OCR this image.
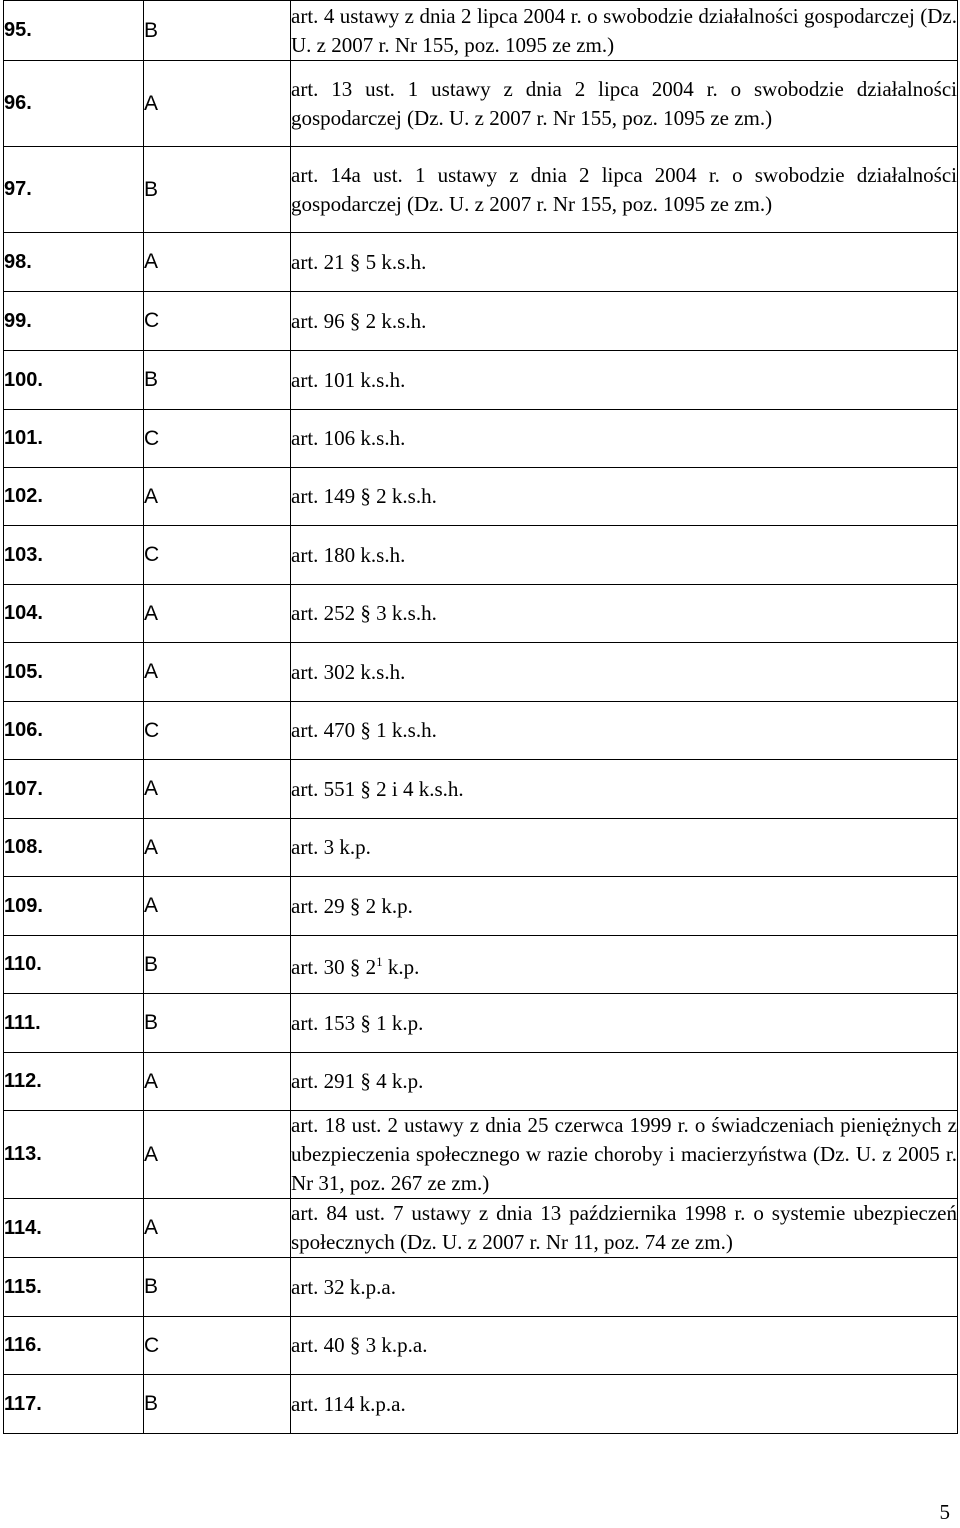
95.	B	art. 4 ustawy z dnia 2 lipca 2004 r. o swobodzie działalności gospodarczej (Dz. U. z 2007 r. Nr 155, poz. 1095 ze zm.)
96.	A	art. 13 ust. 1 ustawy z dnia 2 lipca 2004 r. o swobodzie działalności gospodarczej (Dz. U. z 2007 r. Nr 155, poz. 1095 ze zm.)
97.	B	art. 14a ust. 1 ustawy z dnia 2 lipca 2004 r. o swobodzie działalności gospodarczej (Dz. U. z 2007 r. Nr 155, poz. 1095 ze zm.)
98.	A	art. 21 § 5 k.s.h.
99.	C	art. 96 § 2 k.s.h.
100.	B	art. 101 k.s.h.
101.	C	art. 106 k.s.h.
102.	A	art. 149 § 2 k.s.h.
103.	C	art. 180 k.s.h.
104.	A	art. 252 § 3 k.s.h.
105.	A	art. 302 k.s.h.
106.	C	art. 470 § 1 k.s.h.
107.	A	art. 551 § 2 i 4 k.s.h.
108.	A	art. 3 k.p.
109.	A	art. 29 § 2 k.p.
110.	B	art. 30 § $2^1$ k.p.
111.	B	art. 153 § 1 k.p.
112.	A	art. 291 § 4 k.p.
113.	A	art. 18 ust. 2 ustawy z dnia 25 czerwca 1999 r. o świadczeniach pieniężnych z ubezpieczenia społecznego w razie choroby i macierzyństwa (Dz. U. z 2005 r. Nr 31, poz. 267 ze zm.)
114.	A	art. 84 ust. 7 ustawy z dnia 13 października 1998 r. o systemie ubezpieczeń społecznych (Dz. U. z 2007 r. Nr 11, poz. 74 ze zm.)
115.	B	art. 32 k.p.a.
116.	C	art. 40 § 3 k.p.a.
117.	B	art. 114 k.p.a.
5
